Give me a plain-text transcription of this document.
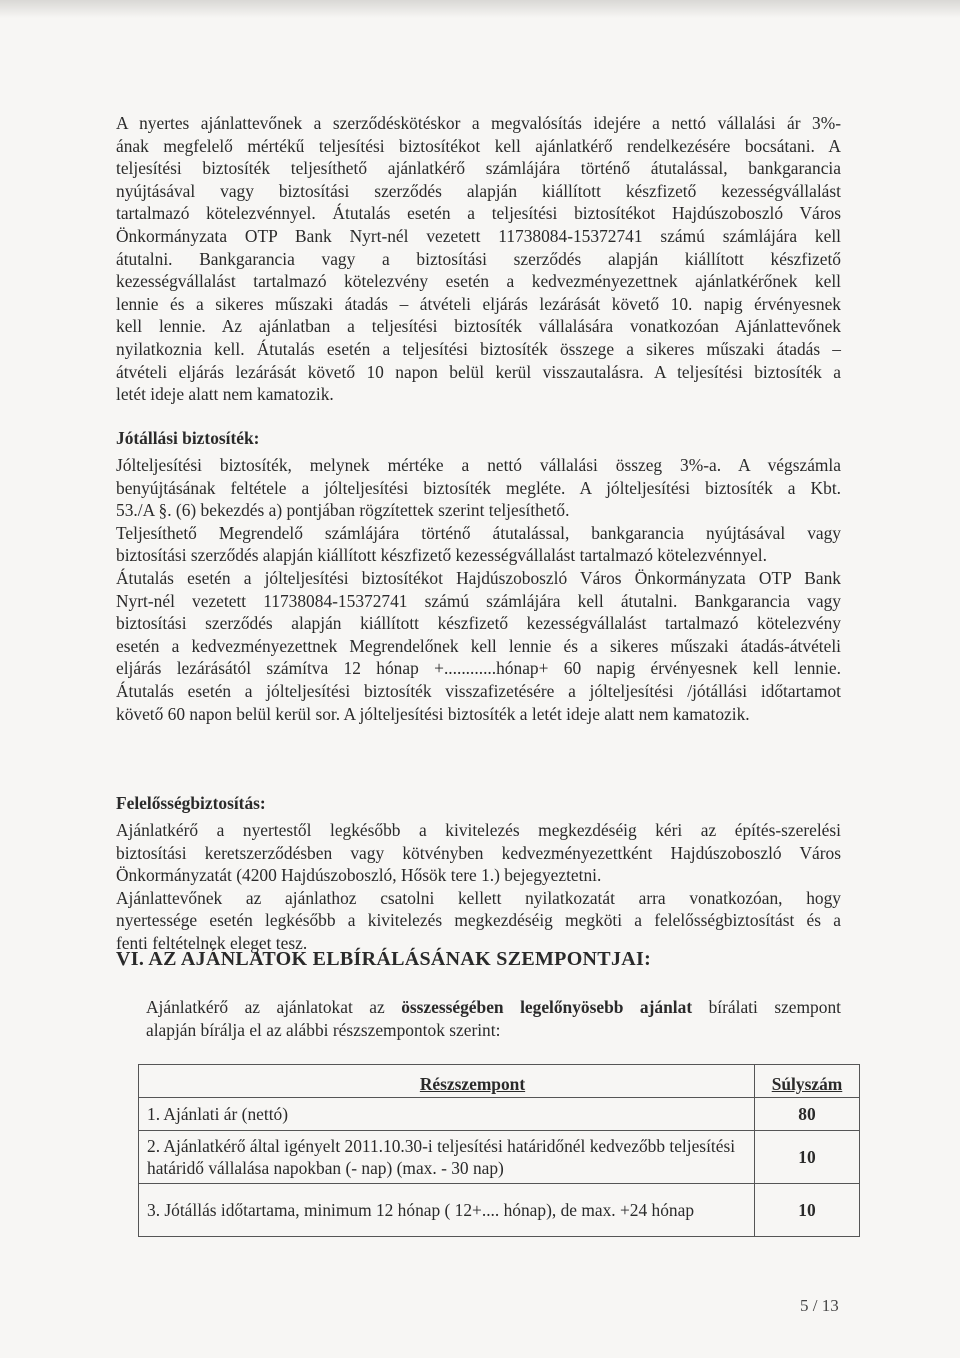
A nyertes ajánlattevőnek a szerződéskötéskor a megvalósítás idejére a nettó vállalási ár 3%-
ának megfelelő mértékű teljesítési biztosítékot kell ajánlatkérő rendelkezésére bocsátani. A
teljesítési biztosíték teljesíthető ajánlatkérő számlájára történő átutalással, bankgarancia
nyújtásával vagy biztosítási szerződés alapján kiállított készfizető kezességvállalást
tartalmazó kötelezvénnyel. Átutalás esetén a teljesítési biztosítékot Hajdúszoboszló Város
Önkormányzata OTP Bank Nyrt-nél vezetett 11738084-15372741 számú számlájára kell
átutalni. Bankgarancia vagy a biztosítási szerződés alapján kiállított készfizető
kezességvállalást tartalmazó kötelezvény esetén a kedvezményezettnek ajánlatkérőnek kell
lennie és a sikeres műszaki átadás – átvételi eljárás lezárását követő 10. napig érvényesnek
kell lennie. Az ajánlatban a teljesítési biztosíték vállalására vonatkozóan Ajánlattevőnek
nyilatkoznia kell. Átutalás esetén a teljesítési biztosíték összege a sikeres műszaki átadás –
átvételi eljárás lezárását követő 10 napon belül kerül visszautalásra. A teljesítési biztosíték a
letét ideje alatt nem kamatozik.

Jótállási biztosíték:

Jólteljesítési biztosíték, melynek mértéke a nettó vállalási összeg 3%-a. A végszámla
benyújtásának feltétele a jólteljesítési biztosíték megléte. A jólteljesítési biztosíték a Kbt.
53./A §. (6) bekezdés a) pontjában rögzítettek szerint teljesíthető.
Teljesíthető Megrendelő számlájára történő átutalással, bankgarancia nyújtásával vagy
biztosítási szerződés alapján kiállított készfizető kezességvállalást tartalmazó kötelezvénnyel.
Átutalás esetén a jólteljesítési biztosítékot Hajdúszoboszló Város Önkormányzata OTP Bank
Nyrt-nél vezetett 11738084-15372741 számú számlájára kell átutalni. Bankgarancia vagy
biztosítási szerződés alapján kiállított készfizető kezességvállalást tartalmazó kötelezvény
esetén a kedvezményezettnek Megrendelőnek kell lennie és a sikeres műszaki átadás-átvételi
eljárás lezárásától számítva 12 hónap +............hónap+ 60 napig érvényesnek kell lennie.
Átutalás esetén a jólteljesítési biztosíték visszafizetésére a jólteljesítési /jótállási időtartamot
követő 60 napon belül kerül sor. A jólteljesítési biztosíték a letét ideje alatt nem kamatozik.

Felelősségbiztosítás:

Ajánlatkérő a nyertestől legkésőbb a kivitelezés megkezdéséig kéri az építés-szerelési
biztosítási keretszerződésben vagy kötvényben kedvezményezettként Hajdúszoboszló Város
Önkormányzatát (4200 Hajdúszoboszló, Hősök tere 1.) bejegyeztetni.
Ajánlattevőnek az ajánlathoz csatolni kellett nyilatkozatát arra vonatkozóan, hogy
nyertessége esetén legkésőbb a kivitelezés megkezdéséig megköti a felelősségbiztosítást és a
fenti feltételnek eleget tesz.

VI. AZ AJÁNLATOK ELBÍRÁLÁSÁNAK SZEMPONTJAI:

Ajánlatkérő az ajánlatokat az összességében legelőnyösebb ajánlat bírálati szempont
alapján bírálja el az alábbi részszempontok szerint:
Részszempont	Súlyszám
1. Ajánlati ár (nettó)	80
2. Ajánlatkérő által igényelt 2011.10.30-i teljesítési határidőnél kedvezőbb teljesítési határidő vállalása napokban (- nap) (max. - 30 nap)	10
3. Jótállás időtartama, minimum 12 hónap ( 12+.... hónap), de max. +24 hónap	10
5 / 13
